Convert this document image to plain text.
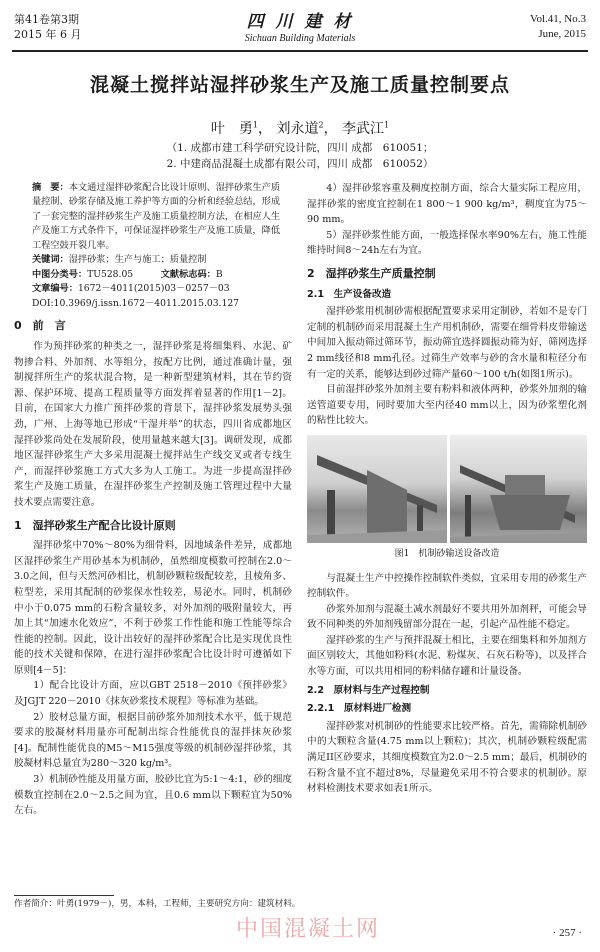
第41卷第3期
2015 年 6 月
四 川 建 材
Sichuan Building Materials
Vol.41, No.3
June, 2015
混凝土搅拌站湿拌砂浆生产及施工质量控制要点
叶　勇$^1$， 刘永道$^2$， 李武江$^1$
（1. 成都市建工科学研究设计院，四川 成都　610051；
2. 中建商品混凝土成都有限公司，四川 成都　610052）
摘　要：本文通过湿拌砂浆配合比设计原则、湿拌砂浆生产质量控制、砂浆存储及施工养护等方面的分析和经验总结，形成了一套完整的湿拌砂浆生产及施工质量控制方法，在相应人生产及施工方式条件下，可保证湿拌砂浆生产及施工质量，降低工程空鼓开裂几率。
关键词：湿拌砂浆；生产与施工；质量控制
中图分类号：TU528.05　　　	文献标志码：B
文章编号：1672－4011(2015)03－0257－03
DOI:10.3969/j.issn.1672－4011.2015.03.127
0　前　言

作为预拌砂浆的种类之一，湿拌砂浆是将细集料、水泥、矿物掺合料、外加剂、水等组分，按配方比例，通过准确计量，强制搅拌所生产的浆状混合物，是一种新型建筑材料，其在节约资源、保护环境、提高工程质量等方面发挥着显著的作用[1－2]。目前，在国家大力推广预拌砂浆的背景下，湿拌砂浆发展势头强劲，广州、上海等地已形成“干湿并举”的状态，四川省成都地区湿拌砂浆尚处在发展阶段，使用量越来越大[3]。调研发现，成都地区湿拌砂浆生产大多采用混凝土搅拌站生产线交叉或者专线生产，而湿拌砂浆施工方式大多为人工施工。为进一步提高湿拌砂浆生产及施工质量，在湿拌砂浆生产控制及施工管理过程中大量技术要点需要注意。

1　湿拌砂浆生产配合比设计原则

湿拌砂浆中70%～80%为细骨料，因地域条件差异，成都地区湿拌砂浆生产用砂基本为机制砂，虽然细度模数可控制在2.0～3.0之间，但与天然河砂相比，机制砂颗粒级配较差，且棱角多、粒型差，采用其配制的砂浆保水性较差，易泌水。同时，机制砂中小于0.075 mm的石粉含量较多，对外加剂的吸附量较大，再加上其“加速水化效应”，不利于砂浆工作性能和施工性能等综合性能的控制。因此，设计出较好的湿拌砂浆配合比是实现优良性能的技术关键和保障，在进行湿拌砂浆配合比设计时可遵循如下原则[4－5]：

1）配合比设计方面，应以GBT 2518－2010《预拌砂浆》及JGJT 220－2010《抹灰砂浆技术规程》等标准为基础。

2）胶材总量方面，根据目前砂浆外加剂技术水平，低于规范要求的胶凝材料用量亦可配制出综合性能优良的湿拌抹灰砂浆[4]。配制性能优良的M5～M15强度等级的机制砂湿拌砂浆，其胶凝材料总量宜为280～320 kg/m³。

3）机制砂性能及用量方面，胶砂比宜为5:1～4:1，砂的细度模数宜控制在2.0～2.5之间为宜，且0.6 mm以下颗粒宜为50%左右。

4）湿拌砂浆容重及稠度控制方面，综合大量实际工程应用，湿拌砂浆的密度宜控制在1 800～1 900 kg/m³，稠度宜为75～90 mm。

5）湿拌砂浆性能方面，一般选择保水率90%左右，施工性能维持时间8～24h左右为宜。

2　湿拌砂浆生产质量控制
2.1　生产设备改造

湿拌砂浆用机制砂需根据配置要求采用定制砂，若如不是专门定制的机制砂而采用混凝土生产用机制砂，需要在细骨料皮带输送中间加入振动筛过筛环节，振动筛宜选择圆振动筛为好，筛网选择2 mm线径和8 mm孔径。过筛生产效率与砂的含水量和粒径分布有一定的关系，能够达到砂过筛产量60～100 t/h(如图1所示)。

目前湿拌砂浆外加剂主要有粉料和液体两种，砂浆外加剂的输送管道要专用，同时要加大至内径40 mm以上，因为砂浆塑化剂的粘性比较大。

图1　机制砂输送设备改造

与混凝土生产中控操作控制软件类似，宜采用专用的砂浆生产控制软件。

砂浆外加剂与混凝土减水剂最好不要共用外加剂秤，可能会导致不同种类的外加剂残留部分混在一起，引起产品性能不稳定。

湿拌砂浆的生产与预拌混凝土相比，主要在细集料和外加剂方面区别较大，其他如粉料(水泥、粉煤灰、石灰石粉等)，以及拌合水等方面，可以共用相同的粉料储存罐和计量设备。

2.2　原材料与生产过程控制
2.2.1　原材料进厂检测

湿拌砂浆对机制砂的性能要求比较严格。首先，需筛除机制砂中的大颗粒含量(4.75 mm以上颗粒)；其次，机制砂颗粒级配需满足II区砂要求，其细度模数宜为2.0～2.5 mm；最后，机制砂的石粉含量不宜不超过8%，尽量避免采用不符合要求的机制砂。原材料检测技术要求如表1所示。

作者简介：叶勇(1979－)，男，本科，工程师，主要研究方向：建筑材料。
中国混凝土网	· 257 ·
